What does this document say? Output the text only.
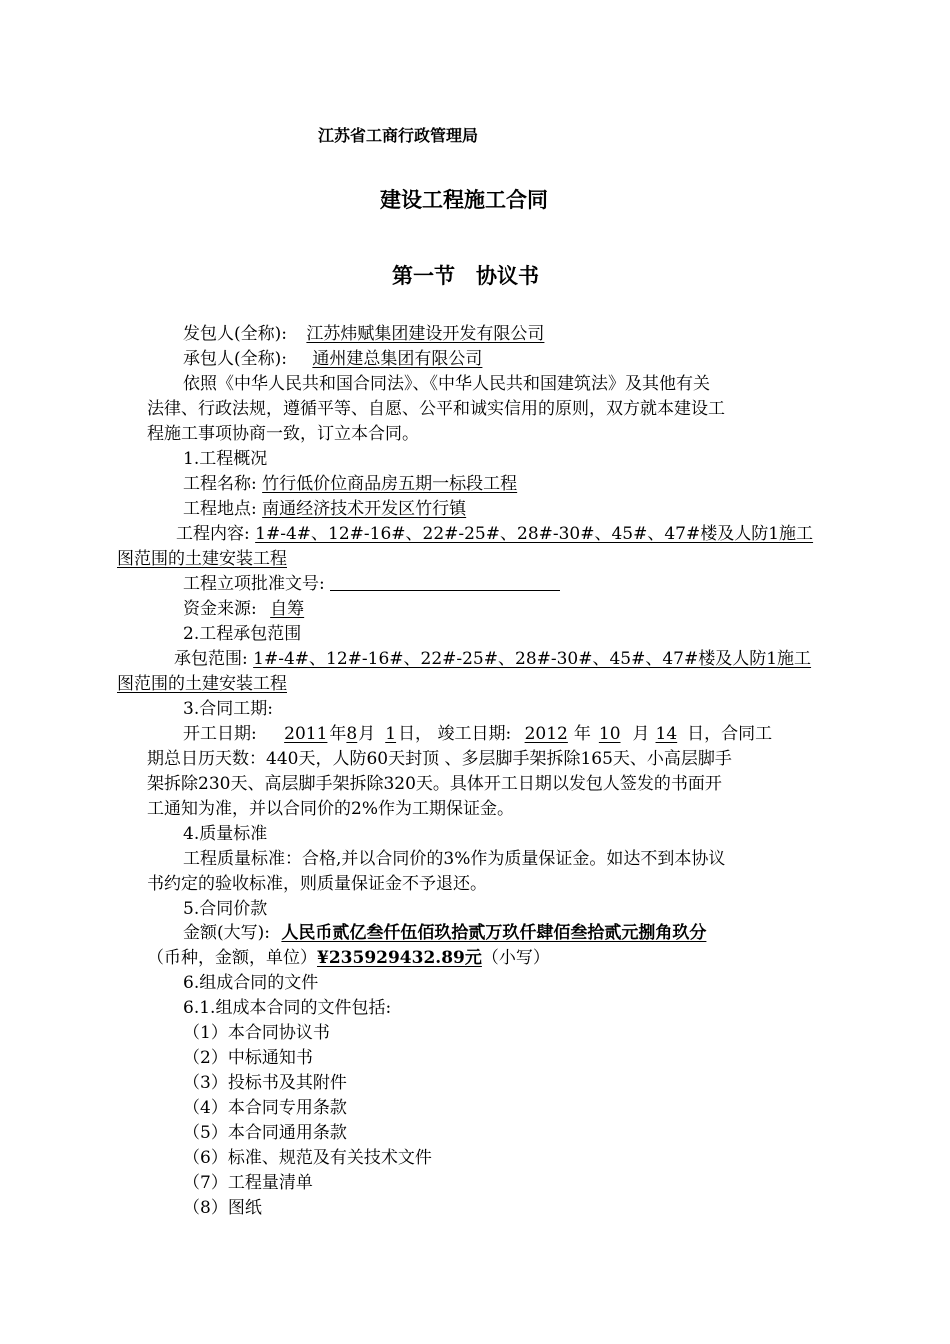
江苏省工商行政管理局
建设工程施工合同
第一节　协议书
发包人(全称): 江苏炜赋集团建设开发有限公司
承包人(全称): 通州建总集团有限公司
依照《中华人民共和国合同法》、《中华人民共和国建筑法》及其他有关
法律、行政法规，遵循平等、自愿、公平和诚实信用的原则，双方就本建设工
程施工事项协商一致，订立本合同。
1.工程概况
工程名称: 竹行低价位商品房五期一标段工程
工程地点: 南通经济技术开发区竹行镇
工程内容: 1#-4#、12#-16#、22#-25#、28#-30#、45#、47#楼及人防1施工
图范围的土建安装工程
工程立项批准文号:
资金来源: 自筹
2.工程承包范围
承包范围: 1#-4#、12#-16#、22#-25#、28#-30#、45#、47#楼及人防1施工
图范围的土建安装工程
3.合同工期:
开工日期: 2011 年8月 1 日， 竣工日期: 2012 年 10 月 14 日，合同工
期总日历天数：440天，人防60天封顶 、多层脚手架拆除165天、小高层脚手
架拆除230天、高层脚手架拆除320天。具体开工日期以发包人签发的书面开
工通知为准，并以合同价的2%作为工期保证金。
4.质量标准
工程质量标准：合格,并以合同价的3%作为质量保证金。如达不到本协议
书约定的验收标准，则质量保证金不予退还。
5.合同价款
金额(大写): 人民币贰亿叁仟伍佰玖拾贰万玖仟肆佰叁拾贰元捌角玖分
（币种，金额，单位）¥235929432.89元（小写）
6.组成合同的文件
6.1.组成本合同的文件包括:
（1）本合同协议书
（2）中标通知书
（3）投标书及其附件
（4）本合同专用条款
（5）本合同通用条款
（6）标准、规范及有关技术文件
（7）工程量清单
（8）图纸
